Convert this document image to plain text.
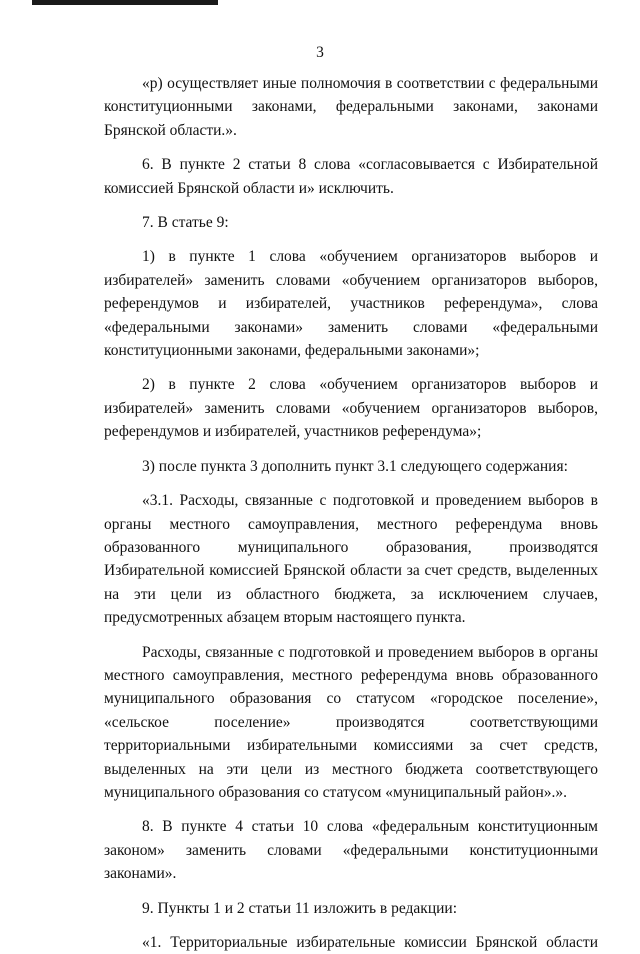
3

«р) осуществляет иные полномочия в соответствии с федеральными конституционными законами, федеральными законами, законами Брянской области.».

6. В пункте 2 статьи 8 слова «согласовывается с Избирательной комиссией Брянской области и» исключить.

7. В статье 9:

1) в пункте 1 слова «обучением организаторов выборов и избирателей» заменить словами «обучением организаторов выборов, референдумов и избирателей, участников референдума», слова «федеральными законами» заменить словами «федеральными конституционными законами, федеральными законами»;

2) в пункте 2 слова «обучением организаторов выборов и избирателей» заменить словами «обучением организаторов выборов, референдумов и избирателей, участников референдума»;

3) после пункта 3 дополнить пункт 3.1 следующего содержания:

«3.1. Расходы, связанные с подготовкой и проведением выборов в органы местного самоуправления, местного референдума вновь образованного муниципального образования, производятся Избирательной комиссией Брянской области за счет средств, выделенных на эти цели из областного бюджета, за исключением случаев, предусмотренных абзацем вторым настоящего пункта.

Расходы, связанные с подготовкой и проведением выборов в органы местного самоуправления, местного референдума вновь образованного муниципального образования со статусом «городское поселение», «сельское поселение» производятся соответствующими территориальными избирательными комиссиями за счет средств, выделенных на эти цели из местного бюджета соответствующего муниципального образования со статусом «муниципальный район».».

8. В пункте 4 статьи 10 слова «федеральным конституционным законом» заменить словами «федеральными конституционными законами».

9. Пункты 1 и 2 статьи 11 изложить в редакции:

«1. Территориальные избирательные комиссии Брянской области
